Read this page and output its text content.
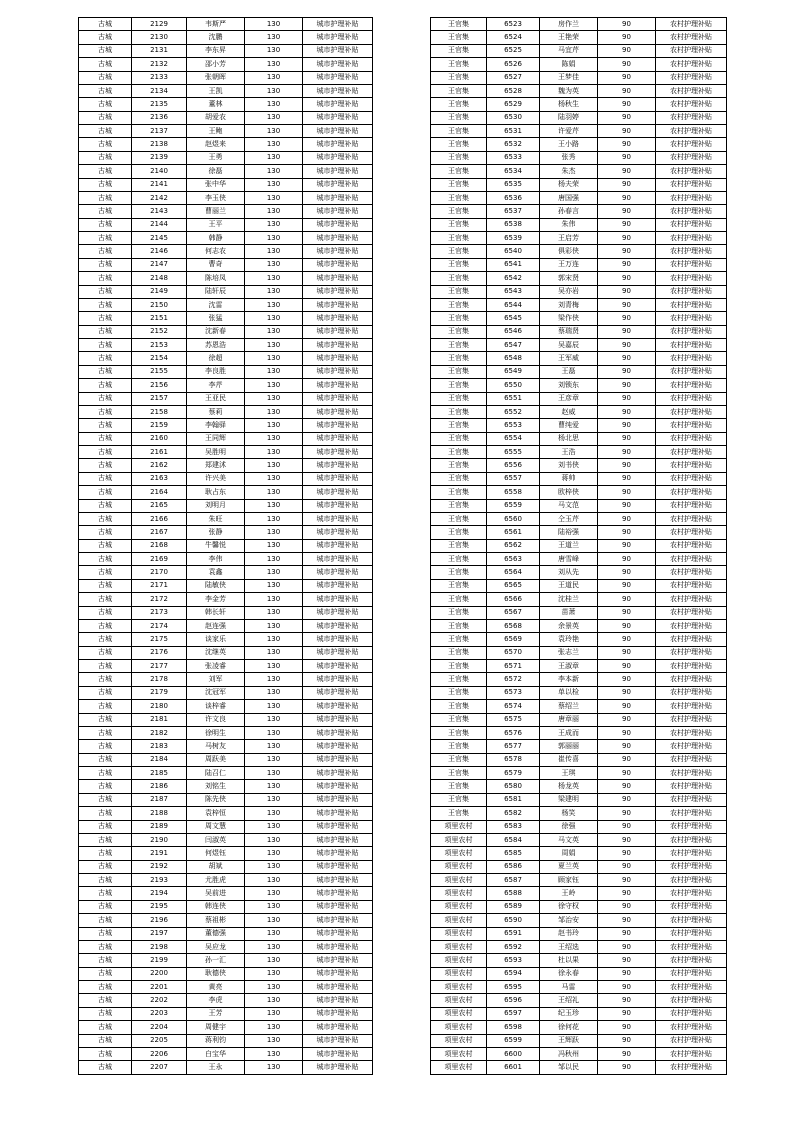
古城	2129	韦斯严	130	城市护理补贴
古城	2130	沈鹏	130	城市护理补贴
古城	2131	李东昇	130	城市护理补贴
古城	2132	邵小芳	130	城市护理补贴
古城	2133	张朝晖	130	城市护理补贴
古城	2134	王凯	130	城市护理补贴
古城	2135	董林	130	城市护理补贴
古城	2136	胡爱农	130	城市护理补贴
古城	2137	王鲍	130	城市护理补贴
古城	2138	赵煜来	130	城市护理补贴
古城	2139	王勇	130	城市护理补贴
古城	2140	徐磊	130	城市护理补贴
古城	2141	张中华	130	城市护理补贴
古城	2142	李玉侠	130	城市护理补贴
古城	2143	曹丽兰	130	城市护理补贴
古城	2144	王平	130	城市护理补贴
古城	2145	韩静	130	城市护理补贴
古城	2146	何志农	130	城市护理补贴
古城	2147	曹奇	130	城市护理补贴
古城	2148	陈培凤	130	城市护理补贴
古城	2149	陆轩辰	130	城市护理补贴
古城	2150	沈雷	130	城市护理补贴
古城	2151	张猛	130	城市护理补贴
古城	2152	沈新春	130	城市护理补贴
古城	2153	苏恩浩	130	城市护理补贴
古城	2154	徐超	130	城市护理补贴
古城	2155	李良胜	130	城市护理补贴
古城	2156	李芹	130	城市护理补贴
古城	2157	王亚民	130	城市护理补贴
古城	2158	蔡莉	130	城市护理补贴
古城	2159	李翰驿	130	城市护理补贴
古城	2160	王同辉	130	城市护理补贴
古城	2161	吴胜明	130	城市护理补贴
古城	2162	郑建沭	130	城市护理补贴
古城	2163	许兴美	130	城市护理补贴
古城	2164	耿占东	130	城市护理补贴
古城	2165	刘明月	130	城市护理补贴
古城	2166	朱旺	130	城市护理补贴
古城	2167	张静	130	城市护理补贴
古城	2168	牛馨悦	130	城市护理补贴
古城	2169	李伟	130	城市护理补贴
古城	2170	袁鑫	130	城市护理补贴
古城	2171	陆敏侠	130	城市护理补贴
古城	2172	李金芳	130	城市护理补贴
古城	2173	韩长轩	130	城市护理补贴
古城	2174	赵连强	130	城市护理补贴
古城	2175	谈家乐	130	城市护理补贴
古城	2176	沈继英	130	城市护理补贴
古城	2177	张凌睿	130	城市护理补贴
古城	2178	刘军	130	城市护理补贴
古城	2179	沈冠军	130	城市护理补贴
古城	2180	谈梓睿	130	城市护理补贴
古城	2181	许文良	130	城市护理补贴
古城	2182	徐明生	130	城市护理补贴
古城	2183	马树友	130	城市护理补贴
古城	2184	周跃美	130	城市护理补贴
古城	2185	陆召仁	130	城市护理补贴
古城	2186	刘铭生	130	城市护理补贴
古城	2187	陈先侠	130	城市护理补贴
古城	2188	袁梓恒	130	城市护理补贴
古城	2189	周文慧	130	城市护理补贴
古城	2190	闫淑英	130	城市护理补贴
古城	2191	何煜钰	130	城市护理补贴
古城	2192	胡斌	130	城市护理补贴
古城	2193	尤胜虎	130	城市护理补贴
古城	2194	吴前进	130	城市护理补贴
古城	2195	韩连侠	130	城市护理补贴
古城	2196	蔡祖彬	130	城市护理补贴
古城	2197	董德强	130	城市护理补贴
古城	2198	吴应龙	130	城市护理补贴
古城	2199	孙一汇	130	城市护理补贴
古城	2200	耿德侠	130	城市护理补贴
古城	2201	黄亮	130	城市护理补贴
古城	2202	李虎	130	城市护理补贴
古城	2203	王芳	130	城市护理补贴
古城	2204	周健宇	130	城市护理补贴
古城	2205	蒋利钧	130	城市护理补贴
古城	2206	白宝华	130	城市护理补贴
古城	2207	王永	130	城市护理补贴
王官集	6523	房作兰	90	农村护理补贴
王官集	6524	王艳荣	90	农村护理补贴
王官集	6525	马宜芹	90	农村护理补贴
王官集	6526	陈娟	90	农村护理补贴
王官集	6527	王梦佳	90	农村护理补贴
王官集	6528	魏为英	90	农村护理补贴
王官集	6529	杨秋生	90	农村护理补贴
王官集	6530	陆羽婷	90	农村护理补贴
王官集	6531	许爱芹	90	农村护理补贴
王官集	6532	王小路	90	农村护理补贴
王官集	6533	张秀	90	农村护理补贴
王官集	6534	朱杰	90	农村护理补贴
王官集	6535	杨夫荣	90	农村护理补贴
王官集	6536	唐国强	90	农村护理补贴
王官集	6537	孙春言	90	农村护理补贴
王官集	6538	朱伟	90	农村护理补贴
王官集	6539	王启芳	90	农村护理补贴
王官集	6540	俱彩侠	90	农村护理补贴
王官集	6541	王万连	90	农村护理补贴
王官集	6542	郭宋贤	90	农村护理补贴
王官集	6543	吴亦岩	90	农村护理补贴
王官集	6544	刘青梅	90	农村护理补贴
王官集	6545	梁作侠	90	农村护理补贴
王官集	6546	蔡瑞贤	90	农村护理补贴
王官集	6547	吴嘉辰	90	农村护理补贴
王官集	6548	王军威	90	农村护理补贴
王官集	6549	王磊	90	农村护理补贴
王官集	6550	刘锁东	90	农村护理补贴
王官集	6551	王彦章	90	农村护理补贴
王官集	6552	赵威	90	农村护理补贴
王官集	6553	曹纯爱	90	农村护理补贴
王官集	6554	杨北思	90	农村护理补贴
王官集	6555	王浩	90	农村护理补贴
王官集	6556	刘书侠	90	农村护理补贴
王官集	6557	蒋帅	90	农村护理补贴
王官集	6558	欧梓侠	90	农村护理补贴
王官集	6559	马文范	90	农村护理补贴
王官集	6560	仝玉芹	90	农村护理补贴
王官集	6561	陆裕强	90	农村护理补贴
王官集	6562	王道兰	90	农村护理补贴
王官集	6563	唐雪峰	90	农村护理补贴
王官集	6564	刘从先	90	农村护理补贴
王官集	6565	王道民	90	农村护理补贴
王官集	6566	沈桂兰	90	农村护理补贴
王官集	6567	苗萧	90	农村护理补贴
王官集	6568	余景英	90	农村护理补贴
王官集	6569	袁玲艳	90	农村护理补贴
王官集	6570	张志兰	90	农村护理补贴
王官集	6571	王淑章	90	农村护理补贴
王官集	6572	李本新	90	农村护理补贴
王官集	6573	单以检	90	农村护理补贴
王官集	6574	蔡绍兰	90	农村护理补贴
王官集	6575	唐章丽	90	农村护理补贴
王官集	6576	王成而	90	农村护理补贴
王官集	6577	郭丽丽	90	农村护理补贴
王官集	6578	崔传喜	90	农村护理补贴
王官集	6579	王琪	90	农村护理补贴
王官集	6580	杨龙英	90	农村护理补贴
王官集	6581	梁建明	90	农村护理补贴
王官集	6582	杨笑	90	农村护理补贴
项里农村	6583	徐强	90	农村护理补贴
项里农村	6584	马文英	90	农村护理补贴
项里农村	6585	周娟	90	农村护理补贴
项里农村	6586	夏兰英	90	农村护理补贴
项里农村	6587	顾家钰	90	农村护理补贴
项里农村	6588	王岭	90	农村护理补贴
项里农村	6589	徐守权	90	农村护理补贴
项里农村	6590	邹治安	90	农村护理补贴
项里农村	6591	赵书玲	90	农村护理补贴
项里农村	6592	王绍选	90	农村护理补贴
项里农村	6593	杜以果	90	农村护理补贴
项里农村	6594	徐永春	90	农村护理补贴
项里农村	6595	马雷	90	农村护理补贴
项里农村	6596	王绍礼	90	农村护理补贴
项里农村	6597	纪玉珍	90	农村护理补贴
项里农村	6598	徐何花	90	农村护理补贴
项里农村	6599	王辉跃	90	农村护理补贴
项里农村	6600	冯秋州	90	农村护理补贴
项里农村	6601	邹以民	90	农村护理补贴
